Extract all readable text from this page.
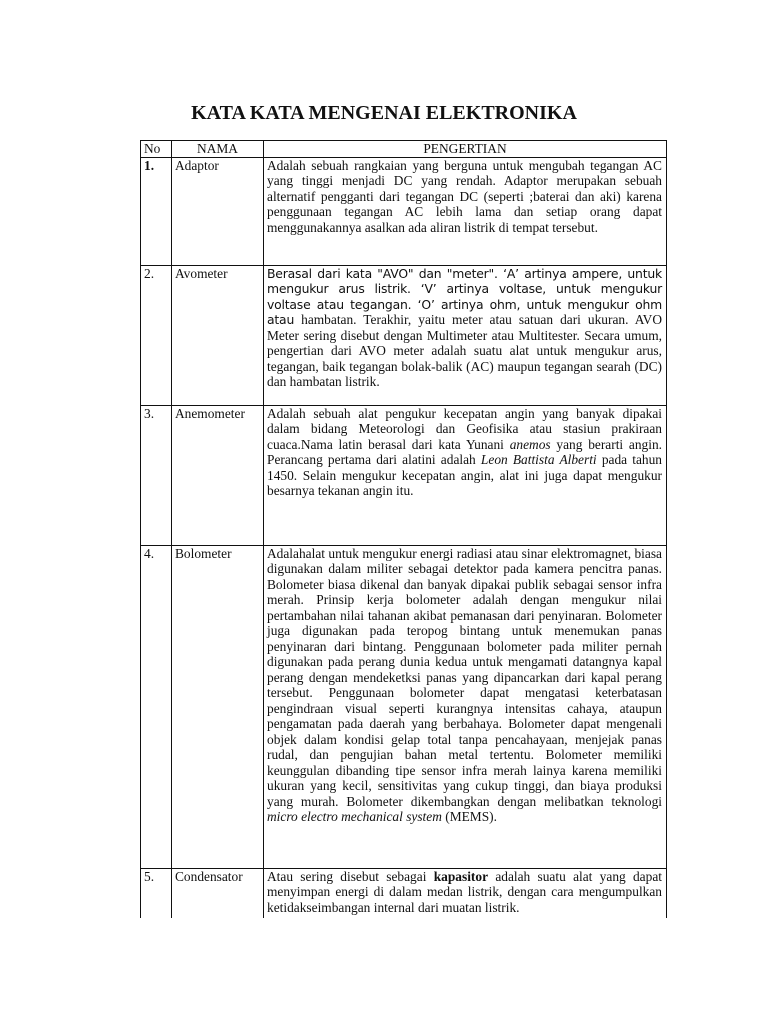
KATA KATA MENGENAI ELEKTRONIKA
No	NAMA	PENGERTIAN
1.	Adaptor	Adalah sebuah rangkaian yang berguna untuk mengubah tegangan AC yang tinggi menjadi DC yang rendah. Adaptor merupakan sebuah alternatif pengganti dari tegangan DC (seperti ;baterai dan aki) karena penggunaan tegangan AC lebih lama dan setiap orang dapat menggunakannya asalkan ada aliran listrik di tempat tersebut.
2.	Avometer	Berasal dari kata "AVO" dan "meter". ‘A’ artinya ampere, untuk mengukur arus listrik. ‘V’ artinya voltase, untuk mengukur voltase atau tegangan. ‘O’ artinya ohm, untuk mengukur ohm atau hambatan. Terakhir, yaitu meter atau satuan dari ukuran. AVO Meter sering disebut dengan Multimeter atau Multitester. Secara umum, pengertian dari AVO meter adalah suatu alat untuk mengukur arus, tegangan, baik tegangan bolak-balik (AC) maupun tegangan searah (DC) dan hambatan listrik.
3.	Anemometer	Adalah sebuah alat pengukur kecepatan angin yang banyak dipakai dalam bidang Meteorologi dan Geofisika atau stasiun prakiraan cuaca.Nama latin berasal dari kata Yunani anemos yang berarti angin. Perancang pertama dari alatini adalah Leon Battista Alberti pada tahun 1450. Selain mengukur kecepatan angin, alat ini juga dapat mengukur besarnya tekanan angin itu.
4.	Bolometer	Adalahalat untuk mengukur energi radiasi atau sinar elektromagnet, biasa digunakan dalam militer sebagai detektor pada kamera pencitra panas. Bolometer biasa dikenal dan banyak dipakai publik sebagai sensor infra merah. Prinsip kerja bolometer adalah dengan mengukur nilai pertambahan nilai tahanan akibat pemanasan dari penyinaran. Bolometer juga digunakan pada teropog bintang untuk menemukan panas penyinaran dari bintang. Penggunaan bolometer pada militer pernah digunakan pada perang dunia kedua untuk mengamati datangnya kapal perang dengan mendeketksi panas yang dipancarkan dari kapal perang tersebut. Penggunaan bolometer dapat mengatasi keterbatasan pengindraan visual seperti kurangnya intensitas cahaya, ataupun pengamatan pada daerah yang berbahaya. Bolometer dapat mengenali objek dalam kondisi gelap total tanpa pencahayaan, menjejak panas rudal, dan pengujian bahan metal tertentu. Bolometer memiliki keunggulan dibanding tipe sensor infra merah lainya karena memiliki ukuran yang kecil, sensitivitas yang cukup tinggi, dan biaya produksi yang murah. Bolometer dikembangkan dengan melibatkan teknologi micro electro mechanical system (MEMS).
5.	Condensator	Atau sering disebut sebagai kapasitor adalah suatu alat yang dapat menyimpan energi di dalam medan listrik, dengan cara mengumpulkan ketidakseimbangan internal dari muatan listrik.
